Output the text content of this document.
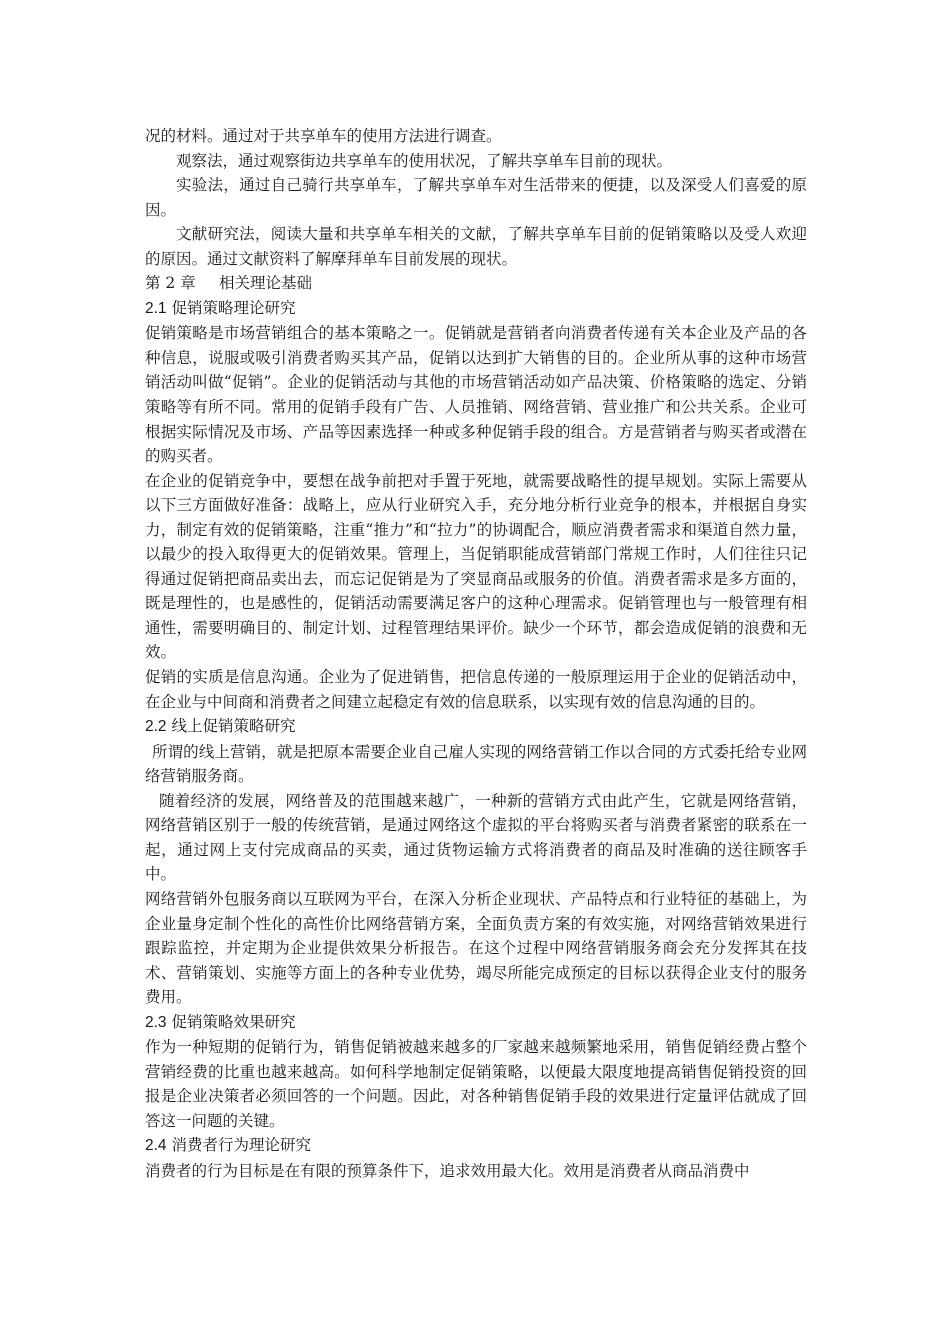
况的材料。通过对于共享单车的使用方法进行调查。

观察法，通过观察街边共享单车的使用状况，了解共享单车目前的现状。

实验法，通过自己骑行共享单车，了解共享单车对生活带来的便捷，以及深受人们喜爱的原因。

文献研究法，阅读大量和共享单车相关的文献，了解共享单车目前的促销策略以及受人欢迎的原因。通过文献资料了解摩拜单车目前发展的现状。

第 2 章 相关理论基础
2.1 促销策略理论研究

促销策略是市场营销组合的基本策略之一。促销就是营销者向消费者传递有关本企业及产品的各种信息，说服或吸引消费者购买其产品，促销以达到扩大销售的目的。企业所从事的这种市场营销活动叫做“促销”。企业的促销活动与其他的市场营销活动如产品决策、价格策略的选定、分销策略等有所不同。常用的促销手段有广告、人员推销、网络营销、营业推广和公共关系。企业可根据实际情况及市场、产品等因素选择一种或多种促销手段的组合。方是营销者与购买者或潜在的购买者。

在企业的促销竞争中，要想在战争前把对手置于死地，就需要战略性的提早规划。实际上需要从以下三方面做好准备：战略上，应从行业研究入手，充分地分析行业竞争的根本，并根据自身实力，制定有效的促销策略，注重“推力”和“拉力”的协调配合，顺应消费者需求和渠道自然力量，以最少的投入取得更大的促销效果。管理上，当促销职能成营销部门常规工作时，人们往往只记得通过促销把商品卖出去，而忘记促销是为了突显商品或服务的价值。消费者需求是多方面的，既是理性的，也是感性的，促销活动需要满足客户的这种心理需求。促销管理也与一般管理有相通性，需要明确目的、制定计划、过程管理结果评价。缺少一个环节，都会造成促销的浪费和无效。

促销的实质是信息沟通。企业为了促进销售，把信息传递的一般原理运用于企业的促销活动中，在企业与中间商和消费者之间建立起稳定有效的信息联系，以实现有效的信息沟通的目的。

2.2 线上促销策略研究

所谓的线上营销，就是把原本需要企业自己雇人实现的网络营销工作以合同的方式委托给专业网络营销服务商。

随着经济的发展，网络普及的范围越来越广，一种新的营销方式由此产生，它就是网络营销，网络营销区别于一般的传统营销，是通过网络这个虚拟的平台将购买者与消费者紧密的联系在一起，通过网上支付完成商品的买卖，通过货物运输方式将消费者的商品及时准确的送往顾客手中。

网络营销外包服务商以互联网为平台，在深入分析企业现状、产品特点和行业特征的基础上，为企业量身定制个性化的高性价比网络营销方案，全面负责方案的有效实施，对网络营销效果进行跟踪监控，并定期为企业提供效果分析报告。在这个过程中网络营销服务商会充分发挥其在技术、营销策划、实施等方面上的各种专业优势，竭尽所能完成预定的目标以获得企业支付的服务费用。

2.3 促销策略效果研究

作为一种短期的促销行为，销售促销被越来越多的厂家越来越频繁地采用，销售促销经费占整个营销经费的比重也越来越高。如何科学地制定促销策略，以便最大限度地提高销售促销投资的回报是企业决策者必须回答的一个问题。因此，对各种销售促销手段的效果进行定量评估就成了回答这一问题的关键。

2.4 消费者行为理论研究

消费者的行为目标是在有限的预算条件下，追求效用最大化。效用是消费者从商品消费中
